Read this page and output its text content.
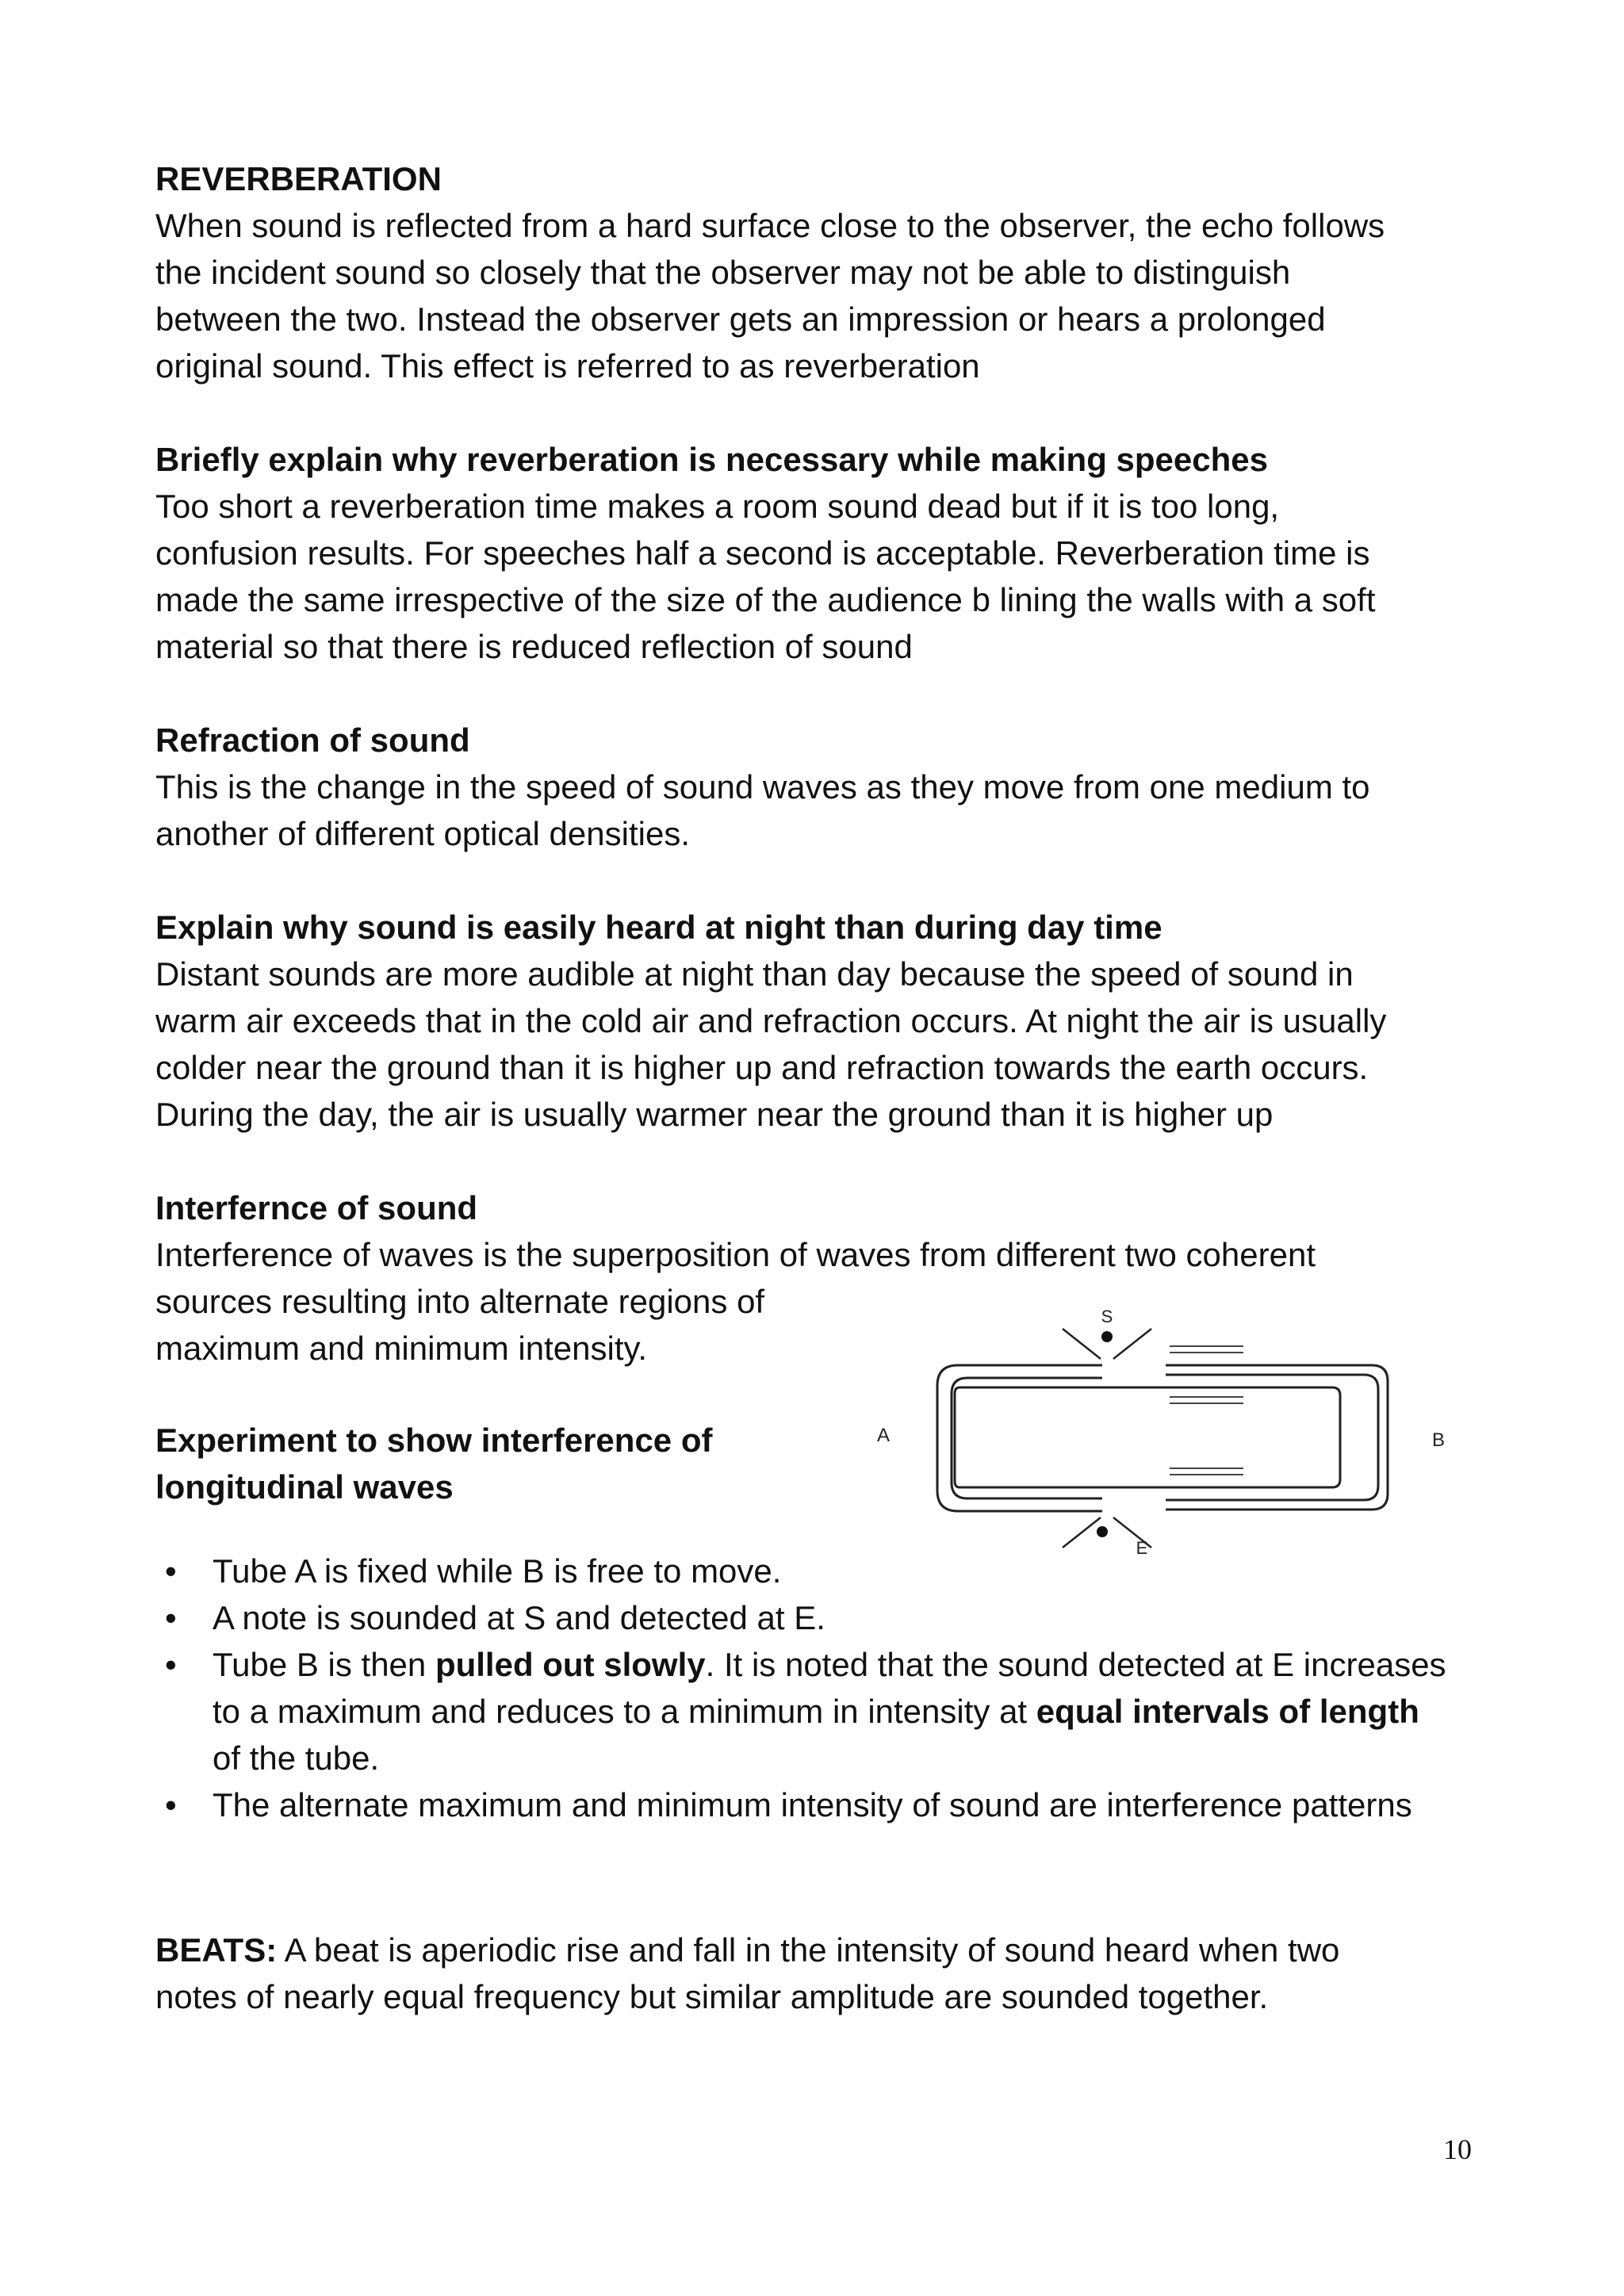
REVERBERATION

When sound is reflected from a hard surface close to the observer, the echo follows

the incident sound so closely that the observer may not be able to distinguish

between the two. Instead the observer gets an impression or hears a prolonged

original sound. This effect is referred to as reverberation

Briefly explain why reverberation is necessary while making speeches

Too short a reverberation time makes a room sound dead but if it is too long,

confusion results. For speeches half a second is acceptable. Reverberation time is

made the same irrespective of the size of the audience b lining the walls with a soft

material so that there is reduced reflection of sound

Refraction of sound

This is the change in the speed of sound waves as they move from one medium to

another of different optical densities.

Explain why sound is easily heard at night than during day time

Distant sounds are more audible at night than day because the speed of sound in

warm air exceeds that in the cold air and refraction occurs. At night the air is usually

colder near the ground than it is higher up and refraction towards the earth occurs.

During the day, the air is usually warmer near the ground than it is higher up

Interfernce of sound

Interference of waves is the superposition of waves from different two coherent

sources resulting into alternate regions of

maximum and minimum intensity.

Experiment to show interference of

longitudinal waves

S
E
A	B
• Tube A is fixed while B is free to move.
• A note is sounded at S and detected at E.
• Tube B is then pulled out slowly. It is noted that the sound detected at E increases to a maximum and reduces to a minimum in intensity at equal intervals of length of the tube.
• The alternate maximum and minimum intensity of sound are interference patterns

BEATS: A beat is aperiodic rise and fall in the intensity of sound heard when two

notes of nearly equal frequency but similar amplitude are sounded together.

10
